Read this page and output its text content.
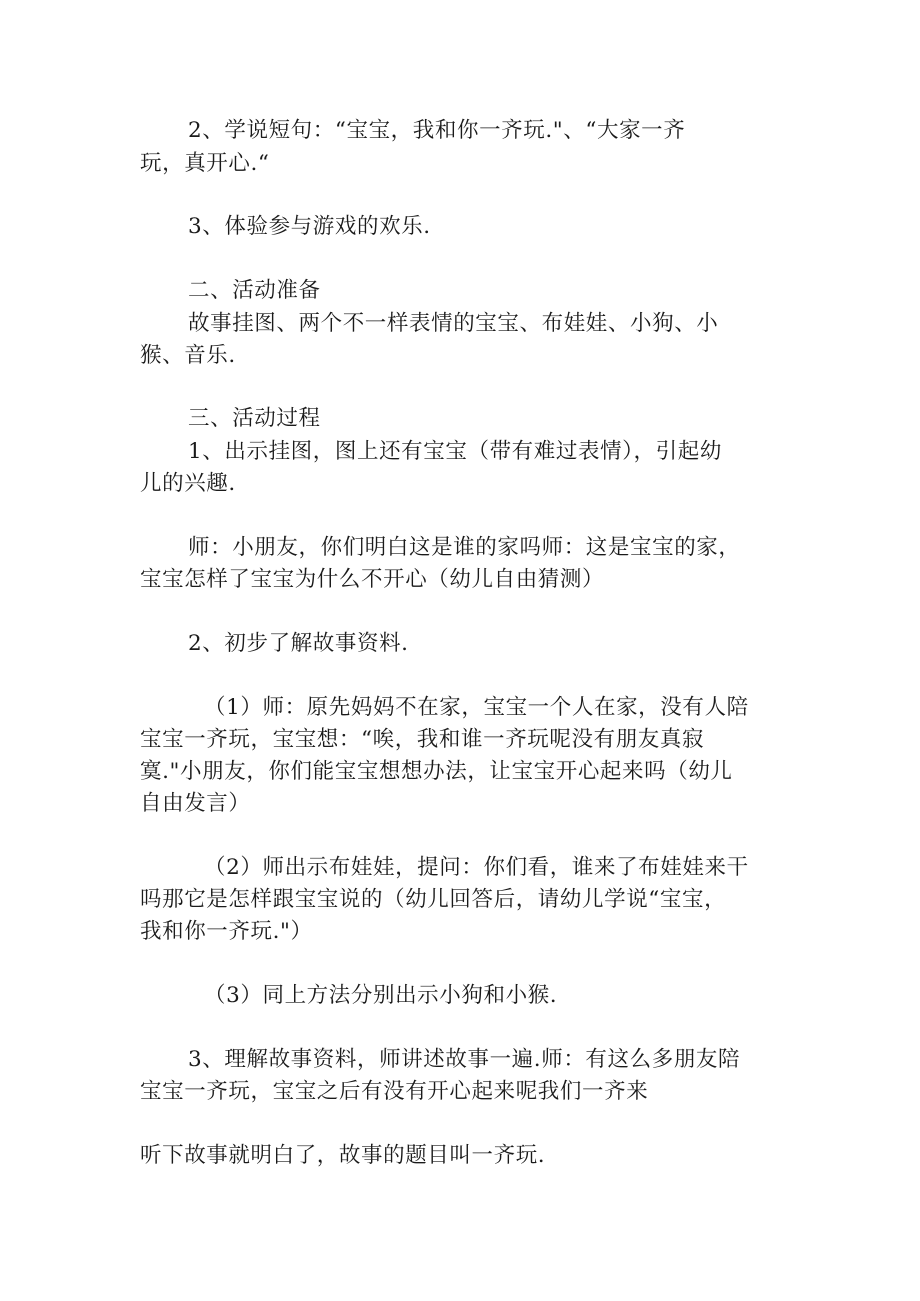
2、学说短句：“宝宝，我和你一齐玩."、“大家一齐
玩，真开心.“
3、体验参与游戏的欢乐.
二、活动准备
故事挂图、两个不一样表情的宝宝、布娃娃、小狗、小
猴、音乐.
三、活动过程
1、出示挂图，图上还有宝宝（带有难过表情），引起幼
儿的兴趣.
师：小朋友，你们明白这是谁的家吗师：这是宝宝的家，
宝宝怎样了宝宝为什么不开心（幼儿自由猜测）
2、初步了解故事资料.
（1）师：原先妈妈不在家，宝宝一个人在家，没有人陪
宝宝一齐玩，宝宝想：“唉，我和谁一齐玩呢没有朋友真寂
寞."小朋友，你们能宝宝想想办法，让宝宝开心起来吗（幼儿
自由发言）
（2）师出示布娃娃，提问：你们看，谁来了布娃娃来干
吗那它是怎样跟宝宝说的（幼儿回答后，请幼儿学说“宝宝，
我和你一齐玩."）
（3）同上方法分别出示小狗和小猴.
3、理解故事资料，师讲述故事一遍.师：有这么多朋友陪
宝宝一齐玩，宝宝之后有没有开心起来呢我们一齐来
听下故事就明白了，故事的题目叫一齐玩.
